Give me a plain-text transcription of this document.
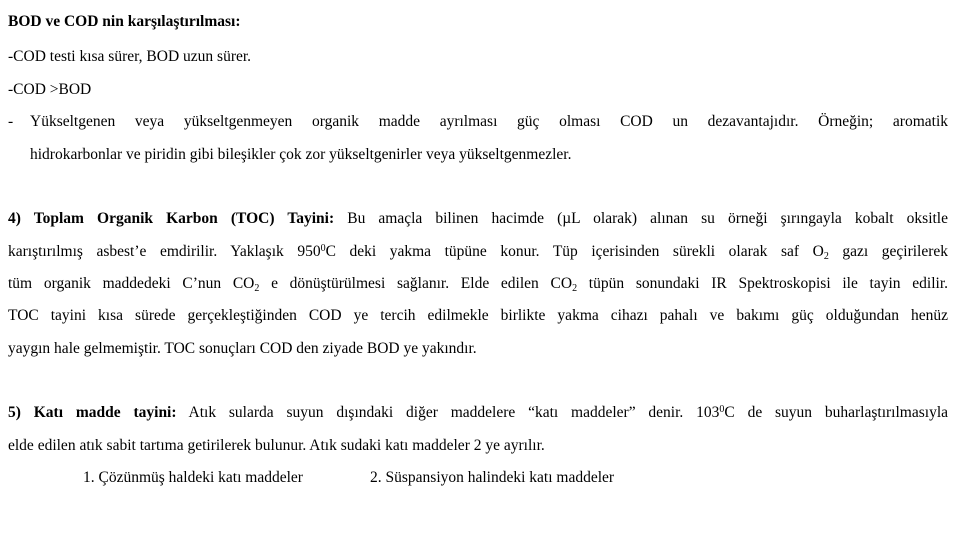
BOD ve COD nin karşılaştırılması:
-COD testi kısa sürer, BOD uzun sürer.
-COD >BOD
- Yükseltgenen veya yükseltgenmeyen organik madde ayrılması güç olması COD un dezavantajıdır. Örneğin; aromatik
hidrokarbonlar ve piridin gibi bileşikler çok zor yükseltgenirler veya yükseltgenmezler.
4) Toplam Organik Karbon (TOC) Tayini: Bu amaçla bilinen hacimde (µL olarak) alınan su örneği şırıngayla kobalt oksitle
karıştırılmış asbest’e emdirilir. Yaklaşık $950^0C$ deki yakma tüpüne konur. Tüp içerisinden sürekli olarak saf $O_2$ gazı geçirilerek
tüm organik maddedeki C’nun $CO_2$ e dönüştürülmesi sağlanır. Elde edilen $CO_2$ tüpün sonundaki IR Spektroskopisi ile tayin edilir.
TOC tayini kısa sürede gerçekleştiğinden COD ye tercih edilmekle birlikte yakma cihazı pahalı ve bakımı güç olduğundan henüz
yaygın hale gelmemiştir. TOC sonuçları COD den ziyade BOD ye yakındır.
5) Katı madde tayini: Atık sularda suyun dışındaki diğer maddelere “katı maddeler” denir. $103^0C$ de suyun buharlaştırılmasıyla
elde edilen atık sabit tartıma getirilerek bulunur. Atık sudaki katı maddeler 2 ye ayrılır.
1. Çözünmüş haldeki katı maddeler	2. Süspansiyon halindeki katı maddeler
